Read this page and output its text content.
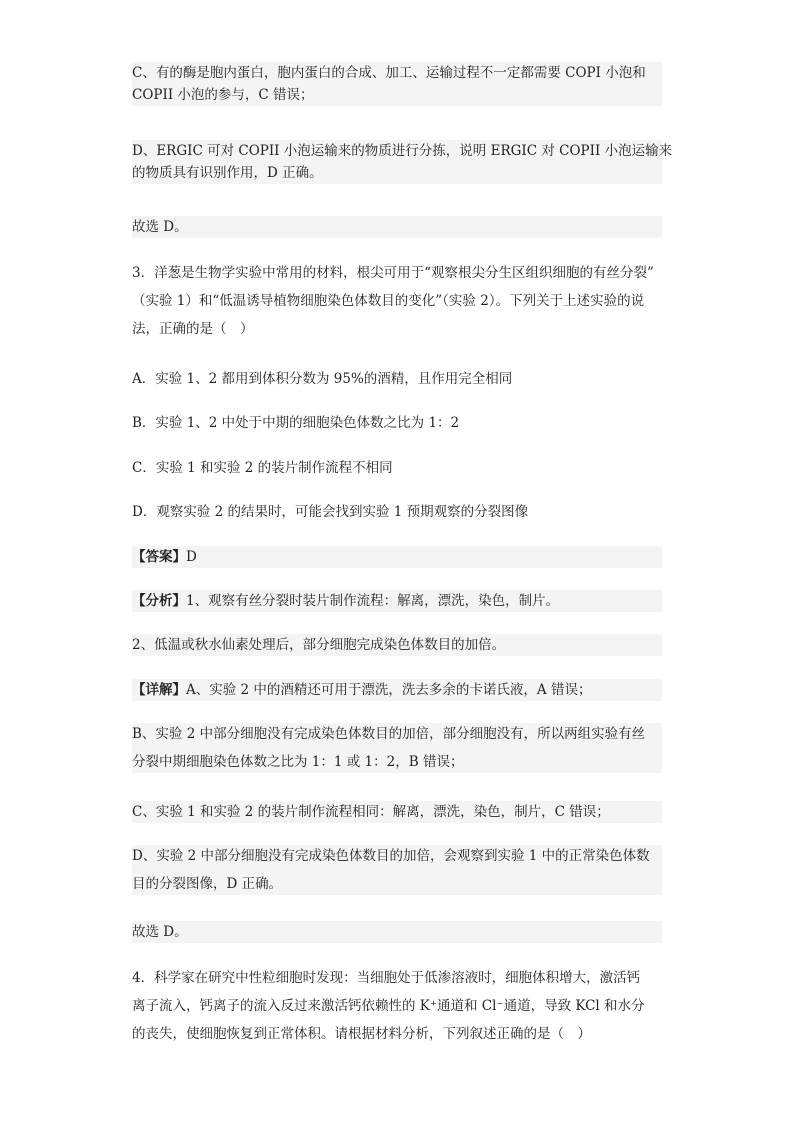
C、有的酶是胞内蛋白，胞内蛋白的合成、加工、运输过程不一定都需要 COPI 小泡和
COPII 小泡的参与，C 错误；
D、ERGIC 可对 COPII 小泡运输来的物质进行分拣，说明 ERGIC 对 COPII 小泡运输来
的物质具有识别作用，D 正确。
故选 D。
3．洋葱是生物学实验中常用的材料，根尖可用于“观察根尖分生区组织细胞的有丝分裂”
（实验 1）和“低温诱导植物细胞染色体数目的变化”（实验 2）。下列关于上述实验的说
法，正确的是（　）
A．实验 1、2 都用到体积分数为 95%的酒精，且作用完全相同
B．实验 1、2 中处于中期的细胞染色体数之比为 1：2
C．实验 1 和实验 2 的装片制作流程不相同
D．观察实验 2 的结果时，可能会找到实验 1 预期观察的分裂图像
【答案】D
【分析】1、观察有丝分裂时装片制作流程：解离，漂洗，染色，制片。
2、低温或秋水仙素处理后，部分细胞完成染色体数目的加倍。
【详解】A、实验 2 中的酒精还可用于漂洗，洗去多余的卡诺氏液，A 错误；
B、实验 2 中部分细胞没有完成染色体数目的加倍，部分细胞没有，所以两组实验有丝
分裂中期细胞染色体数之比为 1：1 或 1：2，B 错误；
C、实验 1 和实验 2 的装片制作流程相同：解离，漂洗，染色，制片，C 错误；
D、实验 2 中部分细胞没有完成染色体数目的加倍，会观察到实验 1 中的正常染色体数
目的分裂图像，D 正确。
故选 D。
4．科学家在研究中性粒细胞时发现：当细胞处于低渗溶液时，细胞体积增大，激活钙
离子流入，钙离子的流入反过来激活钙依赖性的 K⁺通道和 Cl⁻通道，导致 KCl 和水分
的丧失，使细胞恢复到正常体积。请根据材料分析，下列叙述正确的是（　）
